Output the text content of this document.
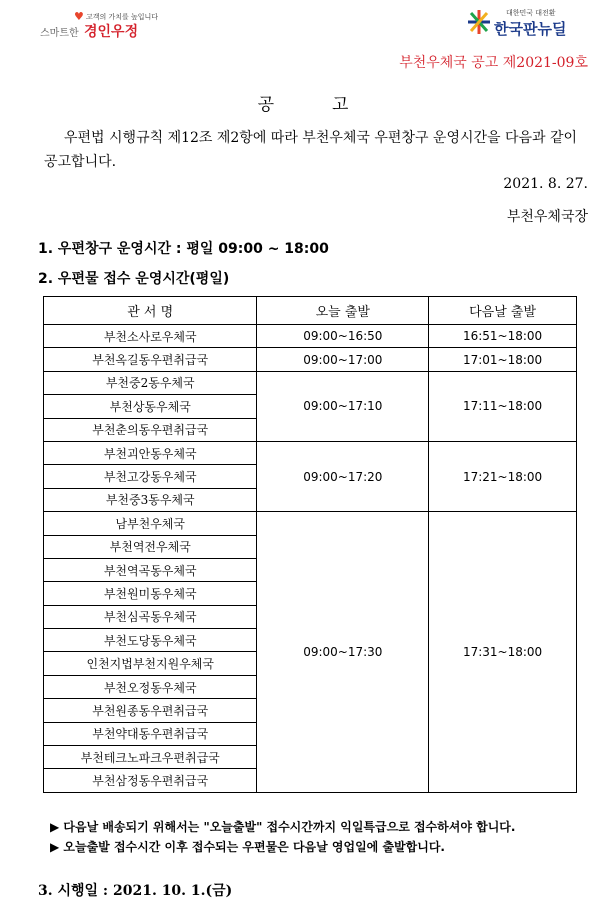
♥ 고객의 가치를 높입니다
스마트한 경인우정
대한민국 대전환
한국판뉴딜
부천우체국 공고 제2021-09호
공고

우편법 시행규칙 제12조 제2항에 따라 부천우체국 우편창구 운영시간을 다음과 같이 공고합니다.

2021. 8. 27.
부천우체국장
1. 우편창구 운영시간 : 평일 09:00 ~ 18:00
2. 우편물 접수 운영시간(평일)
관 서 명	오늘 출발	다음날 출발
부천소사로우체국	09:00~16:50	16:51~18:00
부천옥길동우편취급국	09:00~17:00	17:01~18:00
부천중2동우체국	09:00~17:10	17:11~18:00
부천상동우체국		
부천춘의동우편취급국		
부천괴안동우체국	09:00~17:20	17:21~18:00
부천고강동우체국		
부천중3동우체국		
남부천우체국	09:00~17:30	17:31~18:00
부천역전우체국		
부천역곡동우체국		
부천원미동우체국		
부천심곡동우체국		
부천도당동우체국		
인천지법부천지원우체국		
부천오정동우체국		
부천원종동우편취급국		
부천약대동우편취급국		
부천테크노파크우편취급국		
부천삼정동우편취급국		
▶ 다음날 배송되기 위해서는 "오늘출발" 접수시간까지 익일특급으로 접수하셔야 합니다.
▶ 오늘출발 접수시간 이후 접수되는 우편물은 다음날 영업일에 출발합니다.
3. 시행일 : 2021. 10. 1.(금)
